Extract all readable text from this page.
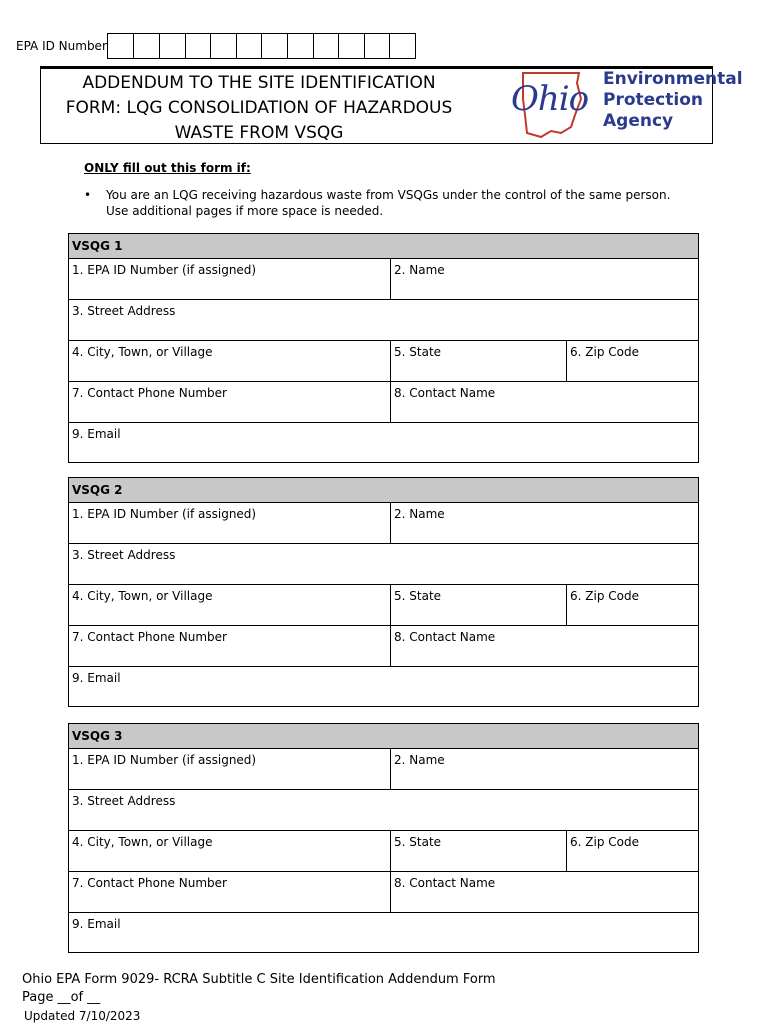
EPA ID Number
ADDENDUM TO THE SITE IDENTIFICATION
FORM: LQG CONSOLIDATION OF HAZARDOUS
WASTE FROM VSQG
Ohio Environmental
Protection
Agency
ONLY fill out this form if:
•	You are an LQG receiving hazardous waste from VSQGs under the control of the same person. Use additional pages if more space is needed.
VSQG 1
1. EPA ID Number (if assigned)	2. Name
3. Street Address
4. City, Town, or Village	5. State	6. Zip Code
7. Contact Phone Number	8. Contact Name
9. Email
VSQG 2
1. EPA ID Number (if assigned)	2. Name
3. Street Address
4. City, Town, or Village	5. State	6. Zip Code
7. Contact Phone Number	8. Contact Name
9. Email
VSQG 3
1. EPA ID Number (if assigned)	2. Name
3. Street Address
4. City, Town, or Village	5. State	6. Zip Code
7. Contact Phone Number	8. Contact Name
9. Email
Ohio EPA Form 9029- RCRA Subtitle C Site Identification Addendum Form
Page __of __
Updated 7/10/2023
